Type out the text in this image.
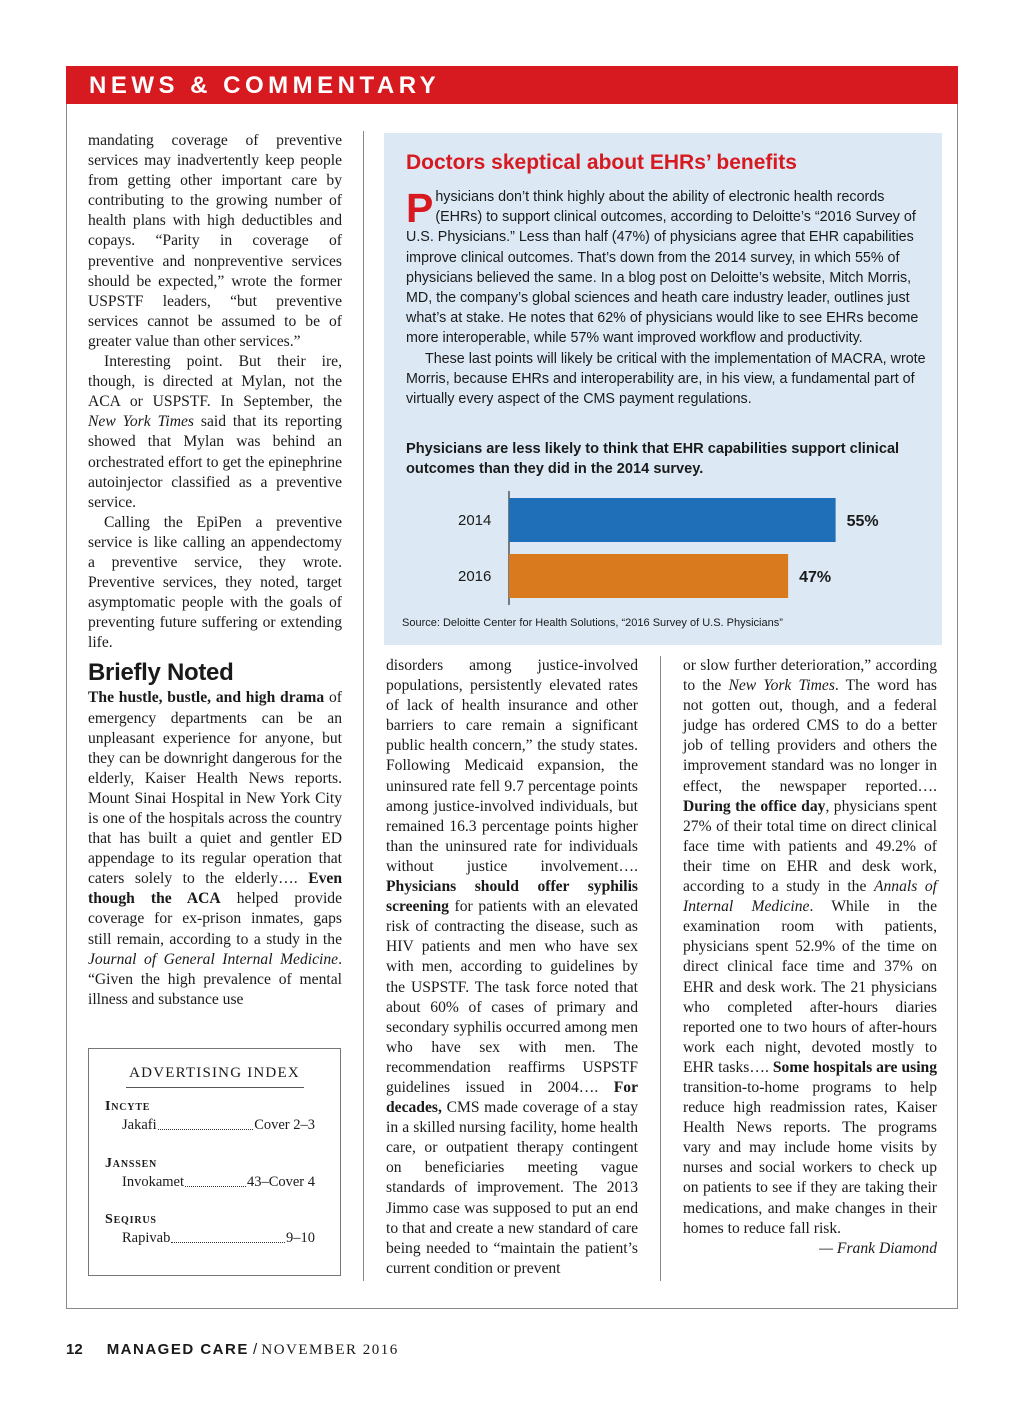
NEWS & COMMENTARY

mandating coverage of preventive services may inadvertently keep people from getting other important care by contributing to the growing number of health plans with high deductibles and copays. “Parity in coverage of preventive and nonpreventive services should be expected,” wrote the former USPSTF leaders, “but preventive services cannot be assumed to be of greater value than other services.”

Interesting point. But their ire, though, is directed at Mylan, not the ACA or USPSTF. In September, the New York Times said that its reporting showed that Mylan was behind an orchestrated effort to get the epinephrine autoinjector classified as a preventive service.

Calling the EpiPen a preventive service is like calling an appendectomy a preventive service, they wrote. Preventive services, they noted, target asymptomatic people with the goals of preventing future suffering or extending life.

Briefly Noted

The hustle, bustle, and high drama of emergency departments can be an unpleasant experience for anyone, but they can be downright dangerous for the elderly, Kaiser Health News reports. Mount Sinai Hospital in New York City is one of the hospitals across the country that has built a quiet and gentler ED appendage to its regular operation that caters solely to the elderly…. Even though the ACA helped provide coverage for ex-prison inmates, gaps still remain, according to a study in the Journal of General Internal Medicine. “Given the high prevalence of mental illness and substance use

Doctors skeptical about EHRs’ benefits

Physicians don’t think highly about the ability of electronic health records (EHRs) to support clinical outcomes, according to Deloitte’s “2016 Survey of U.S. Physicians.” Less than half (47%) of physicians agree that EHR capabilities improve clinical outcomes. That’s down from the 2014 survey, in which 55% of physicians believed the same. In a blog post on Deloitte’s website, Mitch Morris, MD, the company’s global sciences and heath care industry leader, outlines just what’s at stake. He notes that 62% of physicians would like to see EHRs become more interoperable, while 57% want improved workflow and productivity.

These last points will likely be critical with the implementation of MACRA, wrote Morris, because EHRs and interoperability are, in his view, a fundamental part of virtually every aspect of the CMS payment regulations.

Physicians are less likely to think that EHR capabilities support clinical outcomes than they did in the 2014 survey.
2014	55%
2016	47%
Source: Deloitte Center for Health Solutions, “2016 Survey of U.S. Physicians”

disorders among justice-involved populations, persistently elevated rates of lack of health insurance and other barriers to care remain a significant public health concern,” the study states. Following Medicaid expansion, the uninsured rate fell 9.7 percentage points among justice-involved individuals, but remained 16.3 percentage points higher than the uninsured rate for individuals without justice involvement…. Physicians should offer syphilis screening for patients with an elevated risk of contracting the disease, such as HIV patients and men who have sex with men, according to guidelines by the USPSTF. The task force noted that about 60% of cases of primary and secondary syphilis occurred among men who have sex with men. The recommendation reaffirms USPSTF guidelines issued in 2004…. For decades, CMS made coverage of a stay in a skilled nursing facility, home health care, or outpatient therapy contingent on beneficiaries meeting vague standards of improvement. The 2013 Jimmo case was supposed to put an end to that and create a new standard of care being needed to “maintain the patient’s current condition or prevent

or slow further deterioration,” according to the New York Times. The word has not gotten out, though, and a federal judge has ordered CMS to do a better job of telling providers and others the improvement standard was no longer in effect, the newspaper reported…. During the office day, physicians spent 27% of their total time on direct clinical face time with patients and 49.2% of their time on EHR and desk work, according to a study in the Annals of Internal Medicine. While in the examination room with patients, physicians spent 52.9% of the time on direct clinical face time and 37% on EHR and desk work. The 21 physicians who completed after-hours diaries reported one to two hours of after-hours work each night, devoted mostly to EHR tasks…. Some hospitals are using transition-to-home programs to help reduce high readmission rates, Kaiser Health News reports. The programs vary and may include home visits by nurses and social workers to check up on patients to see if they are taking their medications, and make changes in their homes to reduce fall risk.

— Frank Diamond

ADVERTISING INDEX
Incyte
Jakafi	Cover 2–3
Janssen
Invokamet	43–Cover 4
Seqirus
Rapivab	9–10
12 MANAGED CARE / NOVEMBER 2016
